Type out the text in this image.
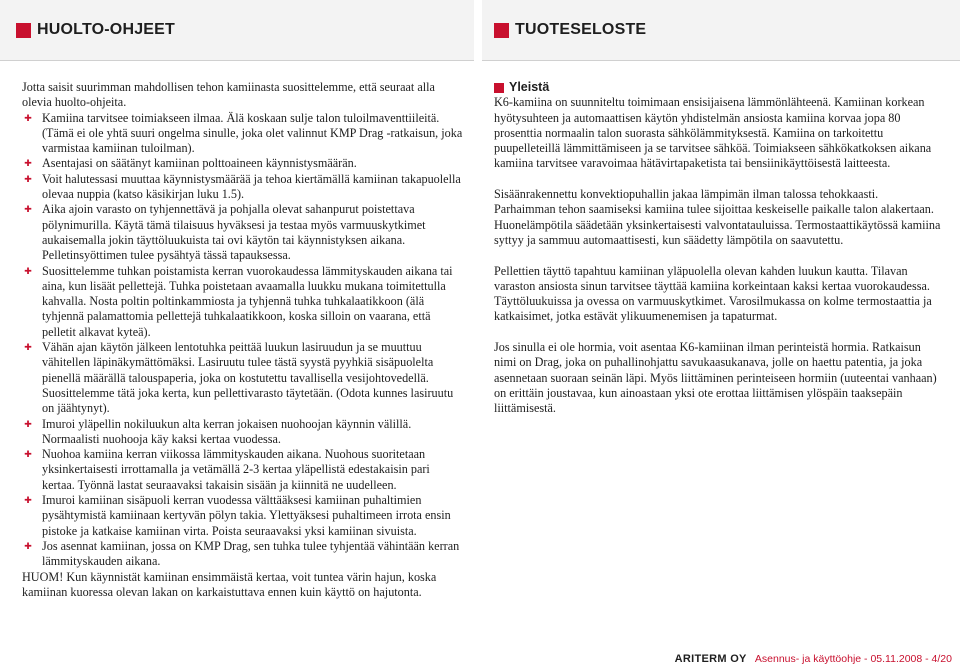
HUOLTO-OHJEET	TUOTESELOSTE

Jotta saisit suurimman mahdollisen tehon kamiinasta suosittelemme, että seuraat alla olevia huolto-ohjeita.

✚ Kamiina tarvitsee toimiakseen ilmaa. Älä koskaan sulje talon tuloilmaventtiileitä. (Tämä ei ole yhtä suuri ongelma sinulle, joka olet valinnut KMP Drag -ratkaisun, joka varmistaa kamiinan tuloilman).
✚ Asentajasi on säätänyt kamiinan polttoaineen käynnistysmäärän.
✚ Voit halutessasi muuttaa käynnistysmäärää ja tehoa kiertämällä kamiinan takapuolella olevaa nuppia (katso käsikirjan luku 1.5).
✚ Aika ajoin varasto on tyhjennettävä ja pohjalla olevat sahanpurut poistettava pölynimurilla. Käytä tämä tilaisuus hyväksesi ja testaa myös varmuuskytkimet aukaisemalla jokin täyttöluukuista tai ovi käytön tai käynnistyksen aikana. Pelletinsyöttimen tulee pysähtyä tässä tapauksessa.
✚ Suosittelemme tuhkan poistamista kerran vuorokaudessa lämmityskauden aikana tai aina, kun lisäät pellettejä. Tuhka poistetaan avaamalla luukku mukana toimitettulla kahvalla. Nosta poltin poltinkammiosta ja tyhjennä tuhka tuhkalaatikkoon (älä tyhjennä palamattomia pellettejä tuhkalaatikkoon, koska silloin on vaarana, että pelletit alkavat kyteä).
✚ Vähän ajan käytön jälkeen lentotuhka peittää luukun lasiruudun ja se muuttuu vähitellen läpinäkymättömäksi. Lasiruutu tulee tästä syystä pyyhkiä sisäpuolelta pienellä määrällä talouspaperia, joka on kostutettu tavallisella vesijohtovedellä. Suosittelemme tätä joka kerta, kun pellettivarasto täytetään. (Odota kunnes lasiruutu on jäähtynyt).
✚ Imuroi yläpellin nokiluukun alta kerran jokaisen nuohoojan käynnin välillä. Normaalisti nuohooja käy kaksi kertaa vuodessa.
✚ Nuohoa kamiina kerran viikossa lämmityskauden aikana. Nuohous suoritetaan yksinkertaisesti irrottamalla ja vetämällä 2-3 kertaa yläpellistä edestakaisin pari kertaa. Työnnä lastat seuraavaksi takaisin sisään ja kiinnitä ne uudelleen.
✚ Imuroi kamiinan sisäpuoli kerran vuodessa välttääksesi kamiinan puhaltimien pysähtymistä kamiinaan kertyvän pölyn takia. Ylettyäksesi puhaltimeen irrota ensin pistoke ja katkaise kamiinan virta. Poista seuraavaksi yksi kamiinan sivuista.
✚ Jos asennat kamiinan, jossa on KMP Drag, sen tuhka tulee tyhjentää vähintään kerran lämmityskauden aikana.
HUOM! Kun käynnistät kamiinan ensimmäistä kertaa, voit tuntea värin hajun, koska kamiinan kuoressa olevan lakan on karkaistuttava ennen kuin käyttö on hajutonta.
Yleistä

K6-kamiina on suunniteltu toimimaan ensisijaisena lämmönlähteenä. Kamiinan korkean hyötysuhteen ja automaattisen käytön yhdistelmän ansiosta kamiina korvaa jopa 80 prosenttia normaalin talon suorasta sähkölämmityksestä. Kamiina on tarkoitettu puupelleteillä lämmittämiseen ja se tarvitsee sähköä. Toimiakseen sähkökatkoksen aikana kamiina tarvitsee varavoimaa hätävirtapaketista tai bensiinikäyttöisestä laitteesta.

Sisäänrakennettu konvektiopuhallin jakaa lämpimän ilman talossa tehokkaasti. Parhaimman tehon saamiseksi kamiina tulee sijoittaa keskeiselle paikalle talon alakertaan. Huonelämpötila säädetään yksinkertaisesti valvontatauluissa. Termostaattikäytössä kamiina syttyy ja sammuu automaattisesti, kun säädetty lämpötila on saavutettu.

Pellettien täyttö tapahtuu kamiinan yläpuolella olevan kahden luukun kautta. Tilavan varaston ansiosta sinun tarvitsee täyttää kamiina korkeintaan kaksi kertaa vuorokaudessa. Täyttöluukuissa ja ovessa on varmuuskytkimet. Varosilmukassa on kolme termostaattia ja katkaisimet, jotka estävät ylikuumenemisen ja tapaturmat.

Jos sinulla ei ole hormia, voit asentaa K6-kamiinan ilman perinteistä hormia. Ratkaisun nimi on Drag, joka on puhallinohjattu savukaasukanava, jolle on haettu patentia, ja joka asennetaan suoraan seinän läpi. Myös liittäminen perinteiseen hormiin (uuteentai vanhaan) on erittäin joustavaa, kun ainoastaan yksi ote erottaa liittämisen ylöspäin taaksepäin liittämisestä.

ARITERM OY Asennus- ja käyttöohje - 05.11.2008 - 4/20
